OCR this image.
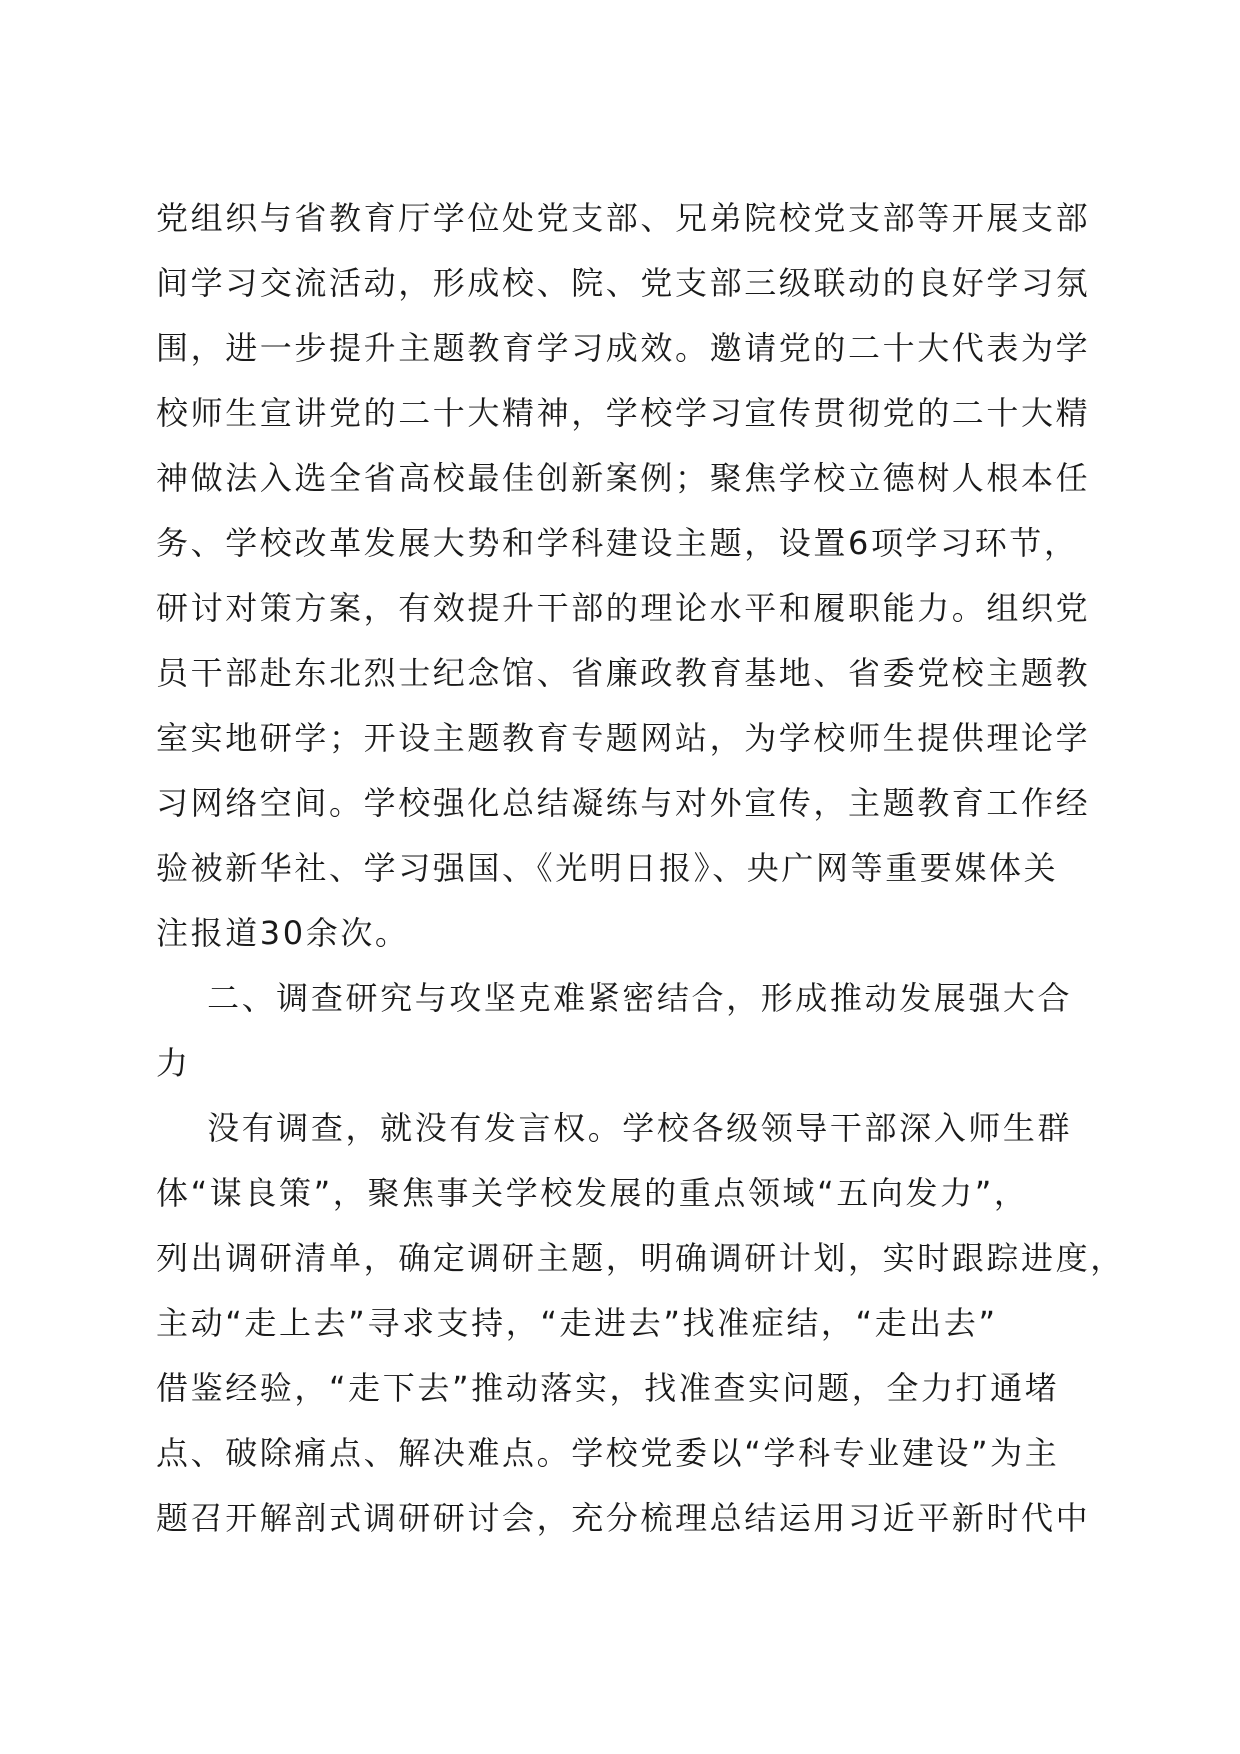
党组织与省教育厅学位处党支部、兄弟院校党支部等开展支部
间学习交流活动，形成校、院、党支部三级联动的良好学习氛
围，进一步提升主题教育学习成效。邀请党的二十大代表为学
校师生宣讲党的二十大精神，学校学习宣传贯彻党的二十大精
神做法入选全省高校最佳创新案例；聚焦学校立德树人根本任
务、学校改革发展大势和学科建设主题，设置6项学习环节，
研讨对策方案，有效提升干部的理论水平和履职能力。组织党
员干部赴东北烈士纪念馆、省廉政教育基地、省委党校主题教
室实地研学；开设主题教育专题网站，为学校师生提供理论学
习网络空间。学校强化总结凝练与对外宣传，主题教育工作经
验被新华社、学习强国、《光明日报》、央广网等重要媒体关
注报道30余次。
二、调查研究与攻坚克难紧密结合，形成推动发展强大合
力
没有调查，就没有发言权。学校各级领导干部深入师生群
体“谋良策”，聚焦事关学校发展的重点领域“五向发力”，
列出调研清单，确定调研主题，明确调研计划，实时跟踪进度，
主动“走上去”寻求支持，“走进去”找准症结，“走出去”
借鉴经验，“走下去”推动落实，找准查实问题，全力打通堵
点、破除痛点、解决难点。学校党委以“学科专业建设”为主
题召开解剖式调研研讨会，充分梳理总结运用习近平新时代中
